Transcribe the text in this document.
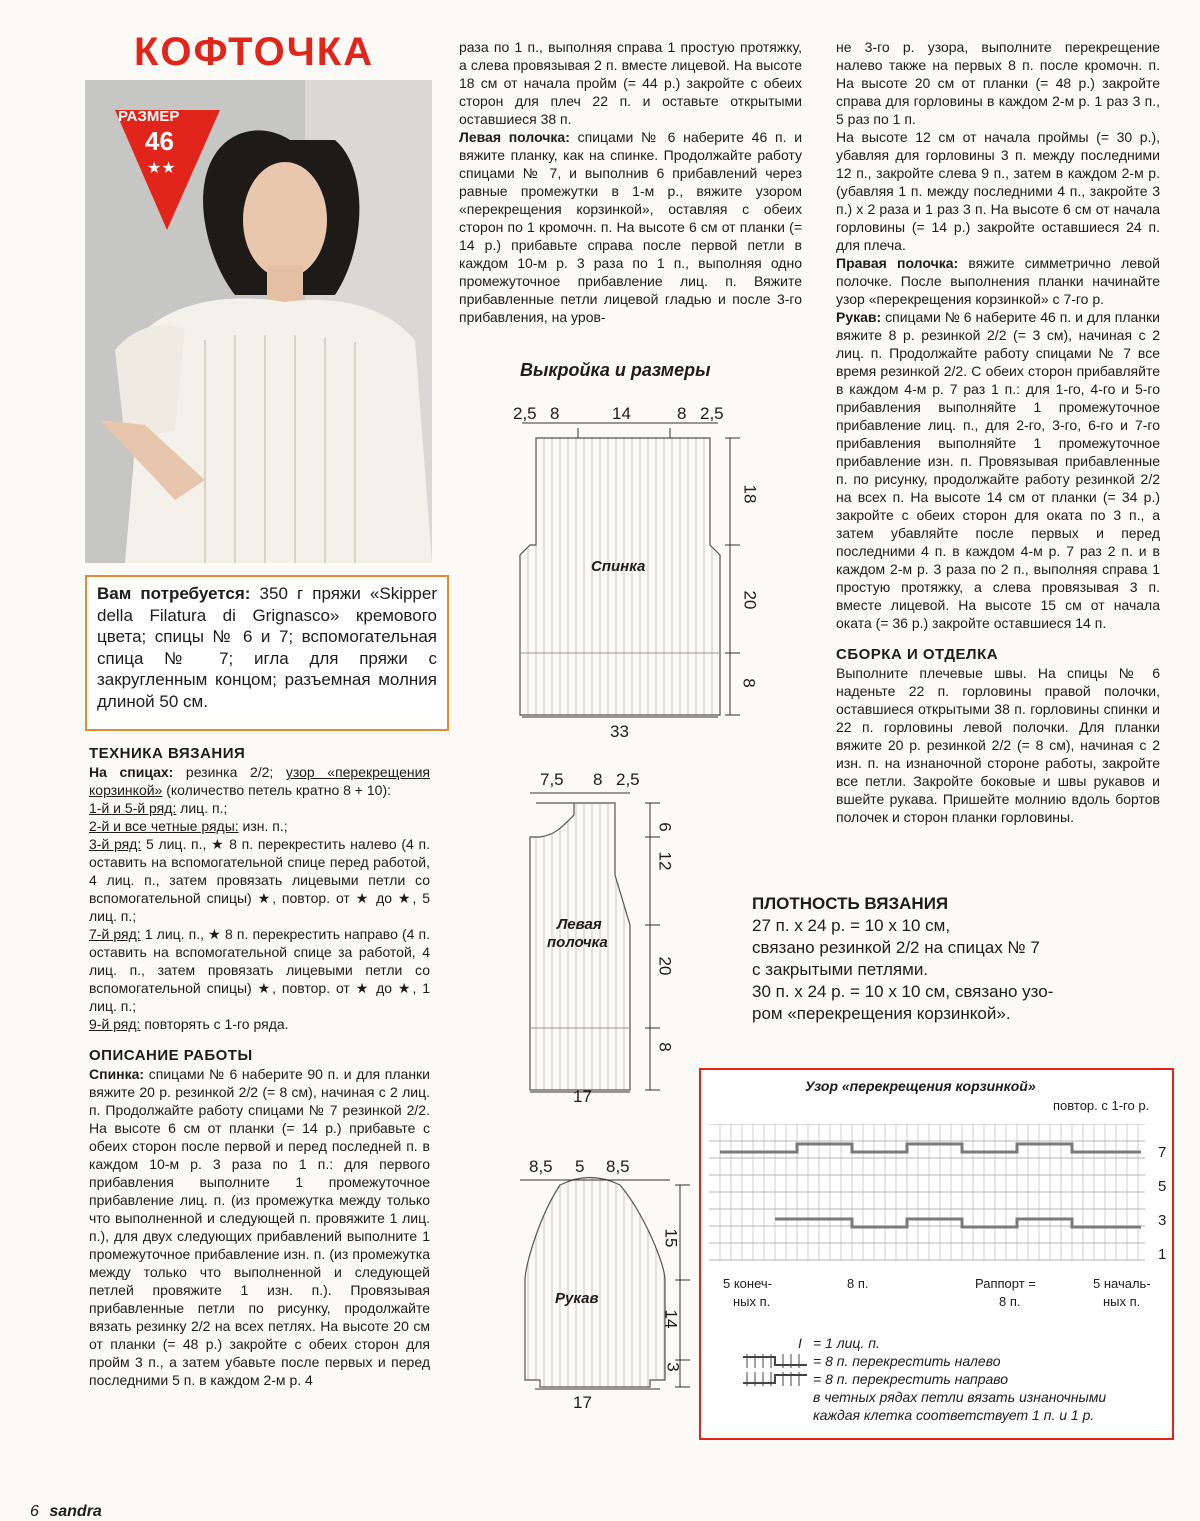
КОФТОЧКА
РАЗМЕР
46
★★
Вам потребуется: 350 г пряжи «Skipper della Filatura di Grignasco» кремового цвета; спицы № 6 и 7; вспомогательная спица № 7; игла для пряжи с закругленным концом; разъемная молния длиной 50 см.
ТЕХНИКА ВЯЗАНИЯ

На спицах: резинка 2/2; узор «перекрещения корзинкой» (количество петель кратно 8 + 10):

1-й и 5-й ряд: лиц. п.;

2-й и все четные ряды: изн. п.;

3-й ряд: 5 лиц. п., ★ 8 п. перекрестить налево (4 п. оставить на вспомогательной спице перед работой, 4 лиц. п., затем провязать лицевыми петли со вспомогательной спицы) ★, повтор. от ★ до ★, 5 лиц. п.;

7-й ряд: 1 лиц. п., ★ 8 п. перекрестить направо (4 п. оставить на вспомогательной спице за работой, 4 лиц. п., затем провязать лицевыми петли со вспомогательной спицы) ★, повтор. от ★ до ★, 1 лиц. п.;

9-й ряд: повторять с 1-го ряда.

ОПИСАНИЕ РАБОТЫ

Спинка: спицами № 6 наберите 90 п. и для планки вяжите 20 р. резинкой 2/2 (= 8 см), начиная с 2 лиц. п. Продолжайте работу спицами № 7 резинкой 2/2. На высоте 6 см от планки (= 14 р.) прибавьте с обеих сторон после первой и перед последней п. в каждом 10-м р. 3 раза по 1 п.: для первого прибавления выполните 1 промежуточное прибавление лиц. п. (из промежутка между только что выполненной и следующей п. провяжите 1 лиц. п.), для двух следующих прибавлений выполните 1 промежуточное прибавление изн. п. (из промежутка между только что выполненной и следующей петлей провяжите 1 изн. п.). Провязывая прибавленные петли по рисунку, продолжайте вязать резинку 2/2 на всех петлях. На высоте 20 см от планки (= 48 р.) закройте с обеих сторон для пройм 3 п., а затем убавьте после первых и перед последними 5 п. в каждом 2-м р. 4

раза по 1 п., выполняя справа 1 простую протяжку, а слева провязывая 2 п. вместе лицевой. На высоте 18 см от начала пройм (= 44 р.) закройте с обеих сторон для плеч 22 п. и оставьте открытыми оставшиеся 38 п.

Левая полочка: спицами № 6 наберите 46 п. и вяжите планку, как на спинке. Продолжайте работу спицами № 7, и выполнив 6 прибавлений через равные промежутки в 1-м р., вяжите узором «перекрещения корзинкой», оставляя с обеих сторон по 1 кромочн. п. На высоте 6 см от планки (= 14 р.) прибавьте справа после первой петли в каждом 10-м р. 3 раза по 1 п., выполняя одно промежуточное прибавление лиц. п. Вяжите прибавленные петли лицевой гладью и после 3-го прибавления, на уров-

Выкройка и размеры
2,5 8	14	8 2,5
18
20
8
33
Спинка
7,5 8 2,5
6
12
20
8
17
Левая
полочка
8,5 5 8,5
15
14
3
17
Рукав

не 3-го р. узора, выполните перекрещение налево также на первых 8 п. после кромочн. п. На высоте 20 см от планки (= 48 р.) закройте справа для горловины в каждом 2-м р. 1 раз 3 п., 5 раз по 1 п.

На высоте 12 см от начала проймы (= 30 р.), убавляя для горловины 3 п. между последними 12 п., закройте слева 9 п., затем в каждом 2-м р. (убавляя 1 п. между последними 4 п., закройте 3 п.) х 2 раза и 1 раз 3 п. На высоте 6 см от начала горловины (= 14 р.) закройте оставшиеся 24 п. для плеча.

Правая полочка: вяжите симметрично левой полочке. После выполнения планки начинайте узор «перекрещения корзинкой» с 7-го р.

Рукав: спицами № 6 наберите 46 п. и для планки вяжите 8 р. резинкой 2/2 (= 3 см), начиная с 2 лиц. п. Продолжайте работу спицами № 7 все время резинкой 2/2. С обеих сторон прибавляйте в каждом 4-м р. 7 раз 1 п.: для 1-го, 4-го и 5-го прибавления выполняйте 1 промежуточное прибавление лиц. п., для 2-го, 3-го, 6-го и 7-го прибавления выполняйте 1 промежуточное прибавление изн. п. Провязывая прибавленные п. по рисунку, продолжайте работу резинкой 2/2 на всех п. На высоте 14 см от планки (= 34 р.) закройте с обеих сторон для оката по 3 п., а затем убавляйте после первых и перед последними 4 п. в каждом 4-м р. 7 раз 2 п. и в каждом 2-м р. 3 раза по 2 п., выполняя справа 1 простую протяжку, а слева провязывая 3 п. вместе лицевой. На высоте 15 см от начала оката (= 36 р.) закройте оставшиеся 14 п.

СБОРКА И ОТДЕЛКА

Выполните плечевые швы. На спицы № 6 наденьте 22 п. горловины правой полочки, оставшиеся открытыми 38 п. горловины спинки и 22 п. горловины левой полочки. Для планки вяжите 20 р. резинкой 2/2 (= 8 см), начиная с 2 изн. п. на изнаночной стороне работы, закройте все петли. Закройте боковые и швы рукавов и вшейте рукава. Пришейте молнию вдоль бортов полочек и сторон планки горловины.

ПЛОТНОСТЬ ВЯЗАНИЯ
27 п. х 24 р. = 10 х 10 см,
связано резинкой 2/2 на спицах № 7
с закрытыми петлями.
30 п. х 24 р. = 10 х 10 см, связано узо-
ром «перекрещения корзинкой».
Узор «перекрещения корзинкой»
повтор. с 1-го р.
7
5
3
1
5 конеч-
ных п.
8 п.	Раппорт =
8 п.
5 началь-
ных п.
I = 1 лиц. п.
= 8 п. перекрестить налево
= 8 п. перекрестить направо
в четных рядах петли вязать изнаночными
каждая клетка соответствует 1 п. и 1 р.
6 sandra
